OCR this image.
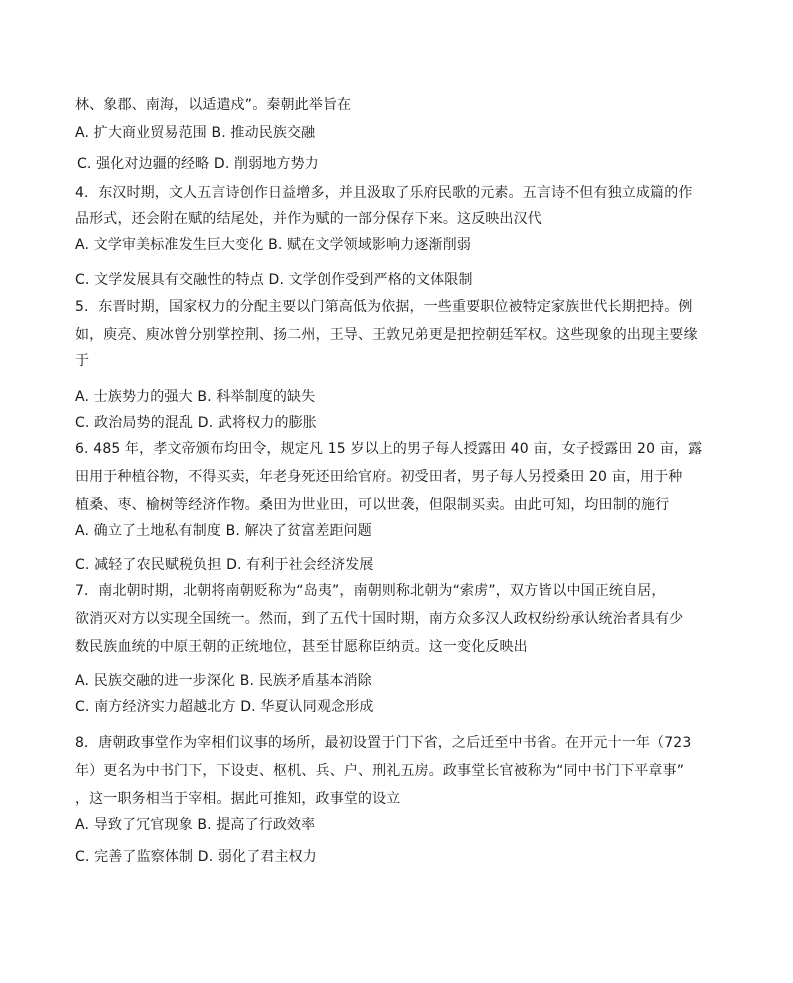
林、象郡、南海，以适遣戍”。秦朝此举旨在
A. 扩大商业贸易范围 B. 推动民族交融
C. 强化对边疆的经略 D. 削弱地方势力
4．东汉时期，文人五言诗创作日益增多，并且汲取了乐府民歌的元素。五言诗不但有独立成篇的作
品形式，还会附在赋的结尾处，并作为赋的一部分保存下来。这反映出汉代
A. 文学审美标准发生巨大变化 B. 赋在文学领域影响力逐渐削弱
C. 文学发展具有交融性的特点 D. 文学创作受到严格的文体限制
5．东晋时期，国家权力的分配主要以门第高低为依据，一些重要职位被特定家族世代长期把持。例
如，庾亮、庾冰曾分别掌控荆、扬二州，王导、王敦兄弟更是把控朝廷军权。这些现象的出现主要缘
于
A. 士族势力的强大 B. 科举制度的缺失
C. 政治局势的混乱 D. 武将权力的膨胀
6. 485 年，孝文帝颁布均田令，规定凡 15 岁以上的男子每人授露田 40 亩，女子授露田 20 亩，露
田用于种植谷物，不得买卖，年老身死还田给官府。初受田者，男子每人另授桑田 20 亩，用于种
植桑、枣、榆树等经济作物。桑田为世业田，可以世袭，但限制买卖。由此可知，均田制的施行
A. 确立了土地私有制度 B. 解决了贫富差距问题
C. 减轻了农民赋税负担 D. 有利于社会经济发展
7．南北朝时期，北朝将南朝贬称为“岛夷”，南朝则称北朝为“索虏”，双方皆以中国正统自居，
欲消灭对方以实现全国统一。然而，到了五代十国时期，南方众多汉人政权纷纷承认统治者具有少
数民族血统的中原王朝的正统地位，甚至甘愿称臣纳贡。这一变化反映出
A. 民族交融的进一步深化 B. 民族矛盾基本消除
C. 南方经济实力超越北方 D. 华夏认同观念形成
8．唐朝政事堂作为宰相们议事的场所，最初设置于门下省，之后迁至中书省。在开元十一年（723
年）更名为中书门下，下设吏、枢机、兵、户、刑礼五房。政事堂长官被称为“同中书门下平章事”
，这一职务相当于宰相。据此可推知，政事堂的设立
A. 导致了冗官现象 B. 提高了行政效率
C. 完善了监察体制 D. 弱化了君主权力
